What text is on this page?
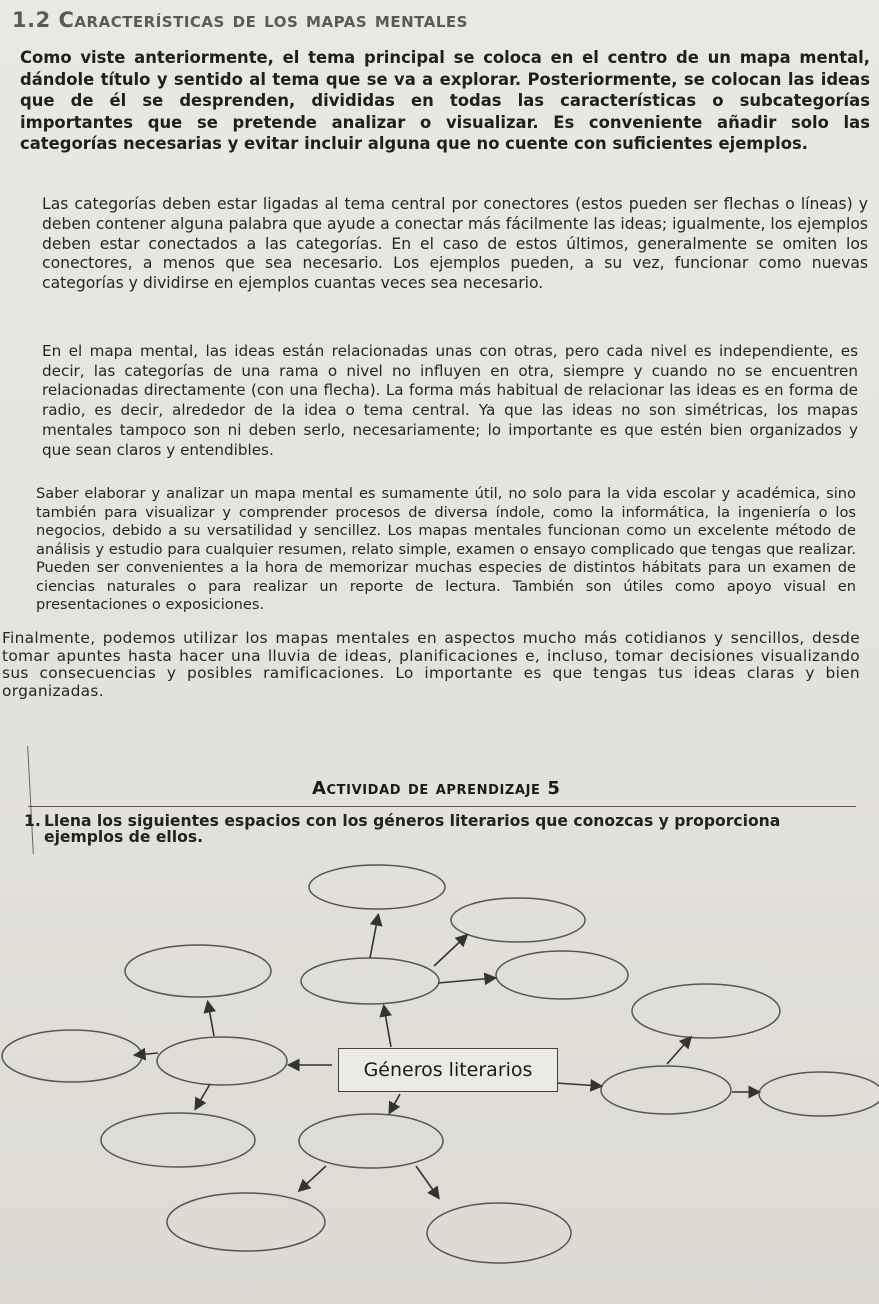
1.2 Características de los mapas mentales

Como viste anteriormente, el tema principal se coloca en el centro de un mapa mental, dándole título y sentido al tema que se va a explorar. Posteriormente, se colocan las ideas que de él se desprenden, divididas en todas las características o subcategorías importantes que se pretende analizar o visualizar. Es conveniente añadir solo las categorías necesarias y evitar incluir alguna que no cuente con suficientes ejemplos.

Las categorías deben estar ligadas al tema central por conectores (estos pueden ser flechas o líneas) y deben contener alguna palabra que ayude a conectar más fácilmente las ideas; igualmente, los ejemplos deben estar conectados a las categorías. En el caso de estos últimos, generalmente se omiten los conectores, a menos que sea necesario. Los ejemplos pueden, a su vez, funcionar como nuevas categorías y dividirse en ejemplos cuantas veces sea necesario.

En el mapa mental, las ideas están relacionadas unas con otras, pero cada nivel es independiente, es decir, las categorías de una rama o nivel no influyen en otra, siempre y cuando no se encuentren relacionadas directamente (con una flecha). La forma más habitual de relacionar las ideas es en forma de radio, es decir, alrededor de la idea o tema central. Ya que las ideas no son simétricas, los mapas mentales tampoco son ni deben serlo, necesariamente; lo importante es que estén bien organizados y que sean claros y entendibles.

Saber elaborar y analizar un mapa mental es sumamente útil, no solo para la vida escolar y académica, sino también para visualizar y comprender procesos de diversa índole, como la informática, la ingeniería o los negocios, debido a su versatilidad y sencillez. Los mapas mentales funcionan como un excelente método de análisis y estudio para cualquier resumen, relato simple, examen o ensayo complicado que tengas que realizar. Pueden ser convenientes a la hora de memorizar muchas especies de distintos hábitats para un examen de ciencias naturales o para realizar un reporte de lectura. También son útiles como apoyo visual en presentaciones o exposiciones.

Finalmente, podemos utilizar los mapas mentales en aspectos mucho más cotidianos y sencillos, desde tomar apuntes hasta hacer una lluvia de ideas, planificaciones e, incluso, tomar decisiones visualizando sus consecuencias y posibles ramificaciones. Lo importante es que tengas tus ideas claras y bien organizadas.

Actividad de aprendizaje 5
1. Llena los siguientes espacios con los géneros literarios que conozcas y proporciona ejemplos de ellos.
Géneros literarios
